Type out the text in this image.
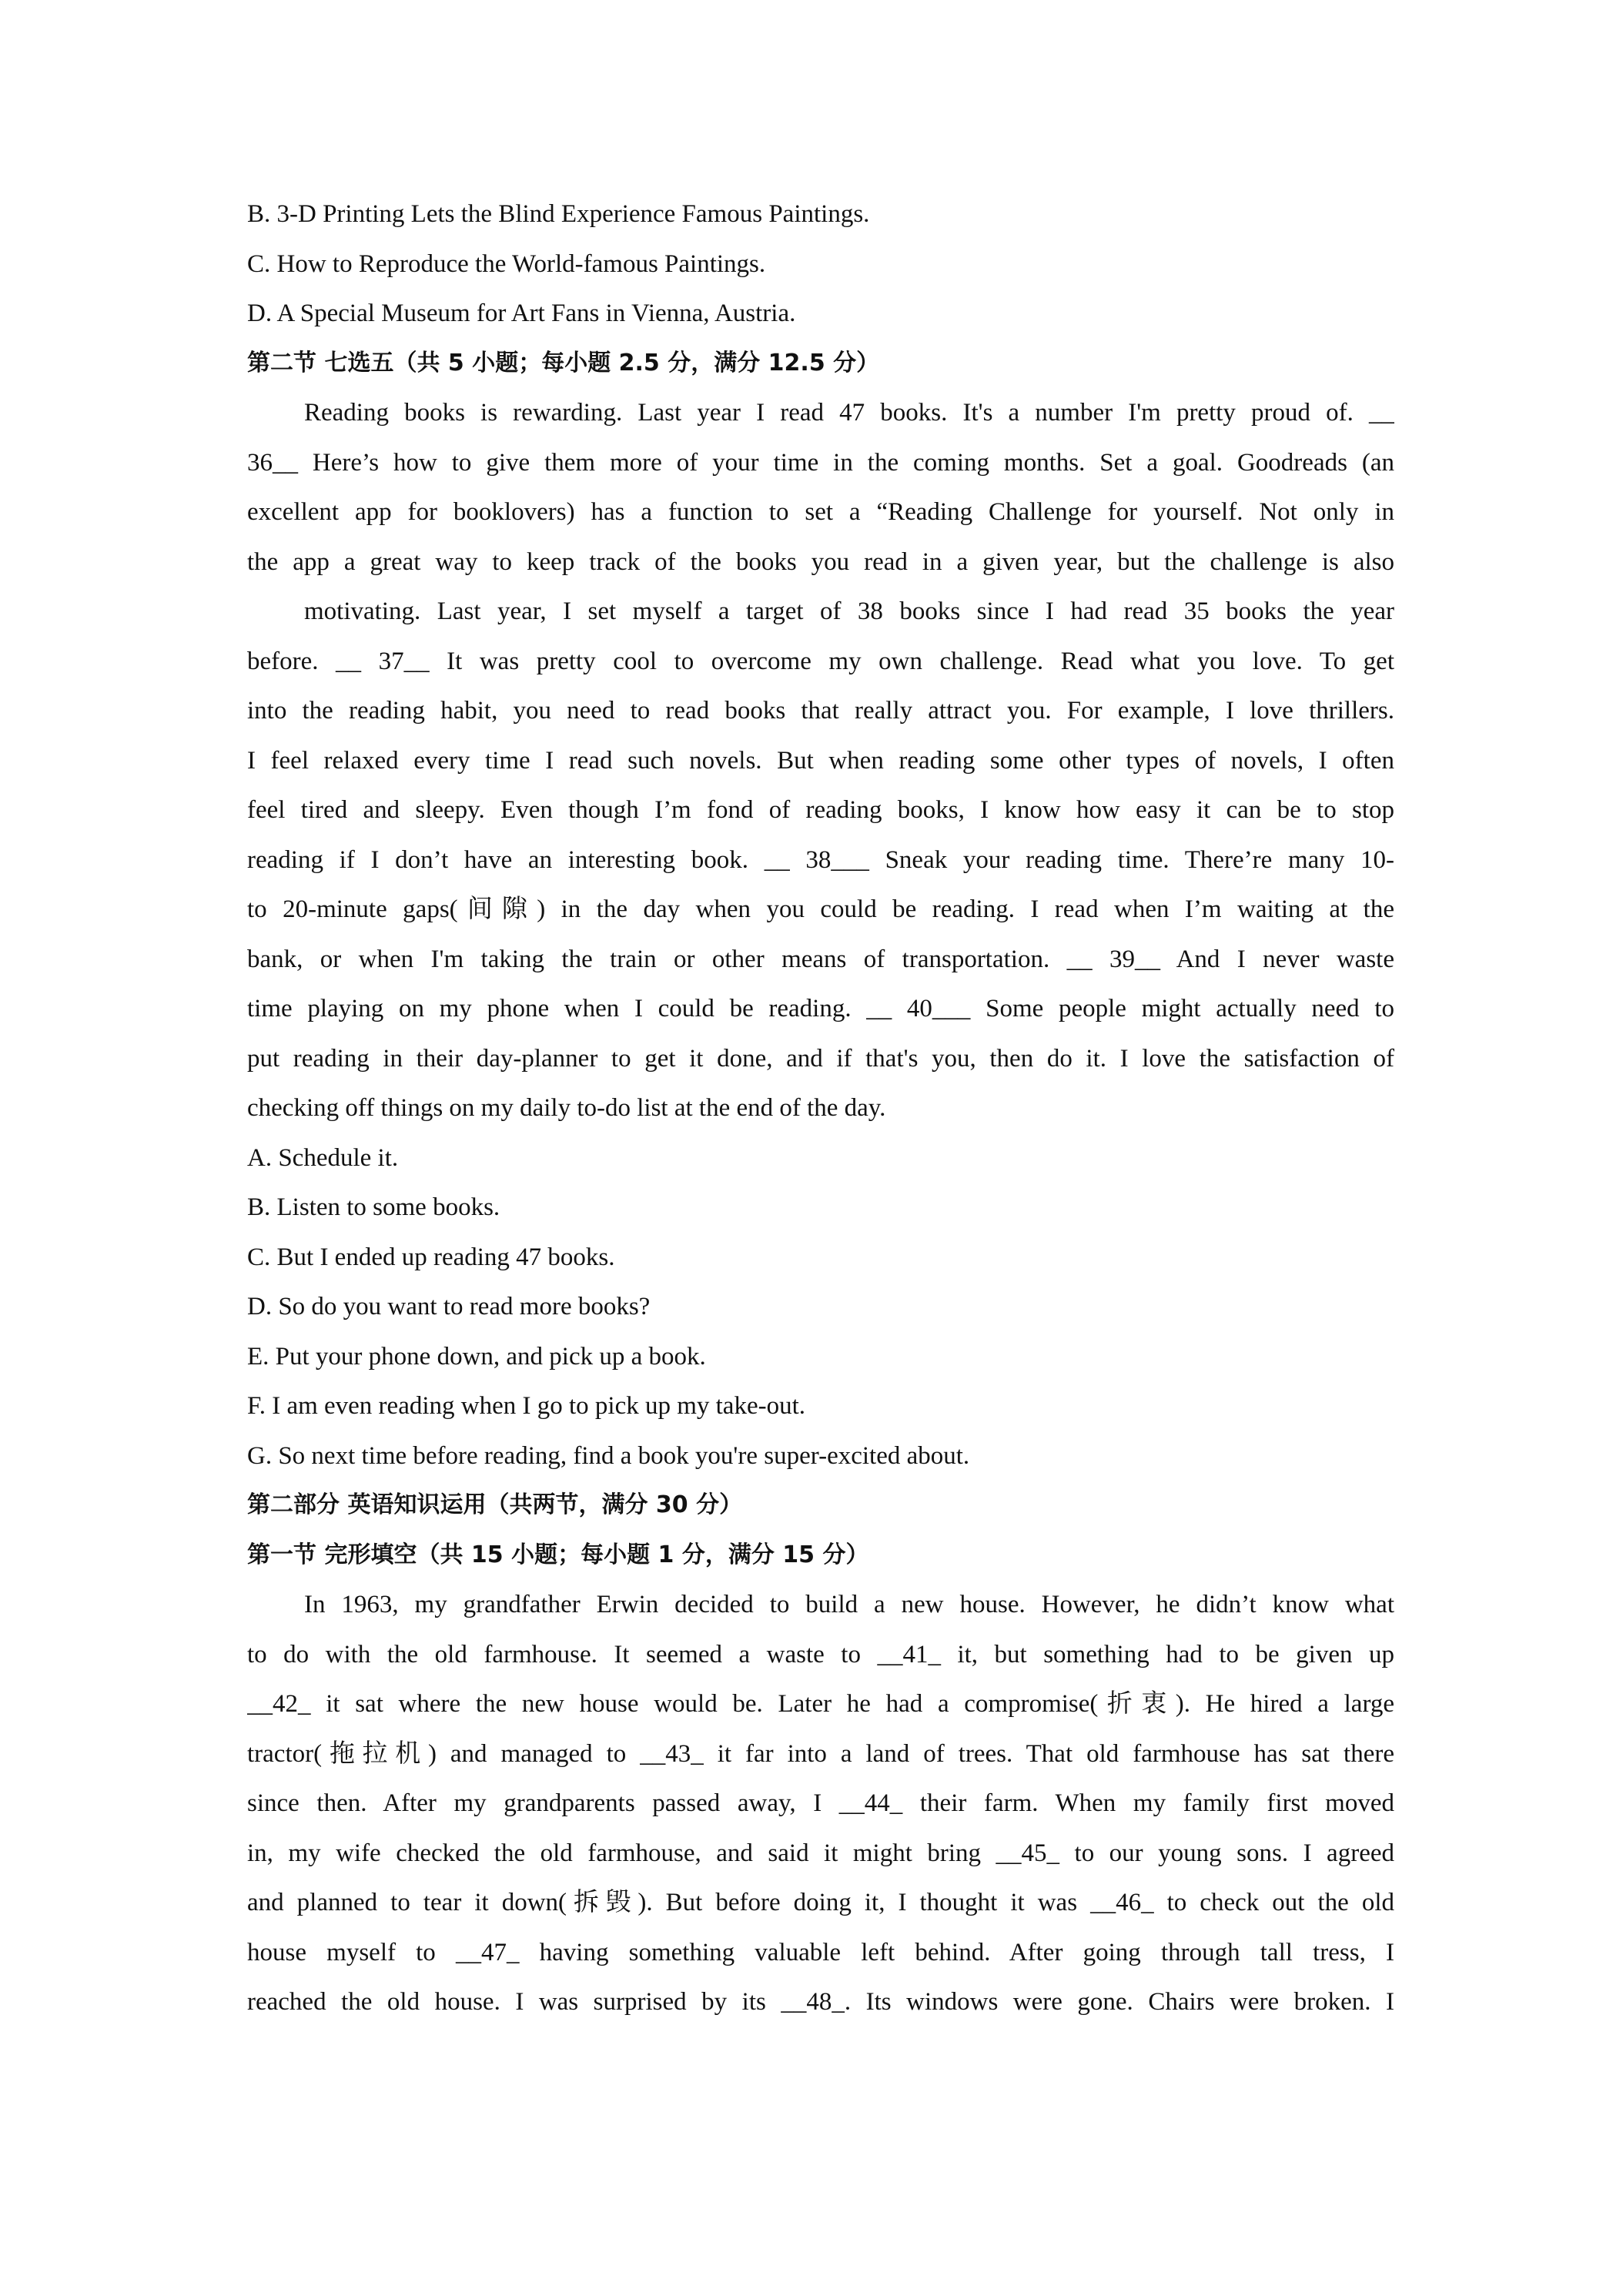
B. 3-D Printing Lets the Blind Experience Famous Paintings.
C. How to Reproduce the World-famous Paintings.
D. A Special Museum for Art Fans in Vienna, Austria.
第二节 七选五（共 5 小题；每小题 2.5 分，满分 12.5 分）
Reading books is rewarding. Last year I read 47 books. It's a number I'm pretty proud of. __
36__ Here’s how to give them more of your time in the coming months. Set a goal. Goodreads (an
excellent app for booklovers) has a function to set a “Reading Challenge for yourself. Not only in
the app a great way to keep track of the books you read in a given year, but the challenge is also
motivating. Last year, I set myself a target of 38 books since I had read 35 books the year
before. __ 37__ It was pretty cool to overcome my own challenge. Read what you love. To get
into the reading habit, you need to read books that really attract you. For example, I love thrillers.
I feel relaxed every time I read such novels. But when reading some other types of novels, I often
feel tired and sleepy. Even though I’m fond of reading books, I know how easy it can be to stop
reading if I don’t have an interesting book. __ 38___ Sneak your reading time. There’re many 10-
to 20-minute gaps(间隙) in the day when you could be reading. I read when I’m waiting at the
bank, or when I'm taking the train or other means of transportation. __ 39__ And I never waste
time playing on my phone when I could be reading. __ 40___ Some people might actually need to
put reading in their day-planner to get it done, and if that's you, then do it. I love the satisfaction of
checking off things on my daily to-do list at the end of the day.
A. Schedule it.
B. Listen to some books.
C. But I ended up reading 47 books.
D. So do you want to read more books?
E. Put your phone down, and pick up a book.
F. I am even reading when I go to pick up my take-out.
G. So next time before reading, find a book you're super-excited about.
第二部分 英语知识运用（共两节，满分 30 分）
第一节 完形填空（共 15 小题；每小题 1 分，满分 15 分）
In 1963, my grandfather Erwin decided to build a new house. However, he didn’t know what
to do with the old farmhouse. It seemed a waste to __41_ it, but something had to be given up
__42_ it sat where the new house would be. Later he had a compromise(折衷). He hired a large
tractor(拖拉机) and managed to __43_ it far into a land of trees. That old farmhouse has sat there
since then. After my grandparents passed away, I __44_ their farm. When my family first moved
in, my wife checked the old farmhouse, and said it might bring __45_ to our young sons. I agreed
and planned to tear it down(拆毁). But before doing it, I thought it was __46_ to check out the old
house myself to __47_ having something valuable left behind. After going through tall tress, I
reached the old house. I was surprised by its __48_. Its windows were gone. Chairs were broken. I
